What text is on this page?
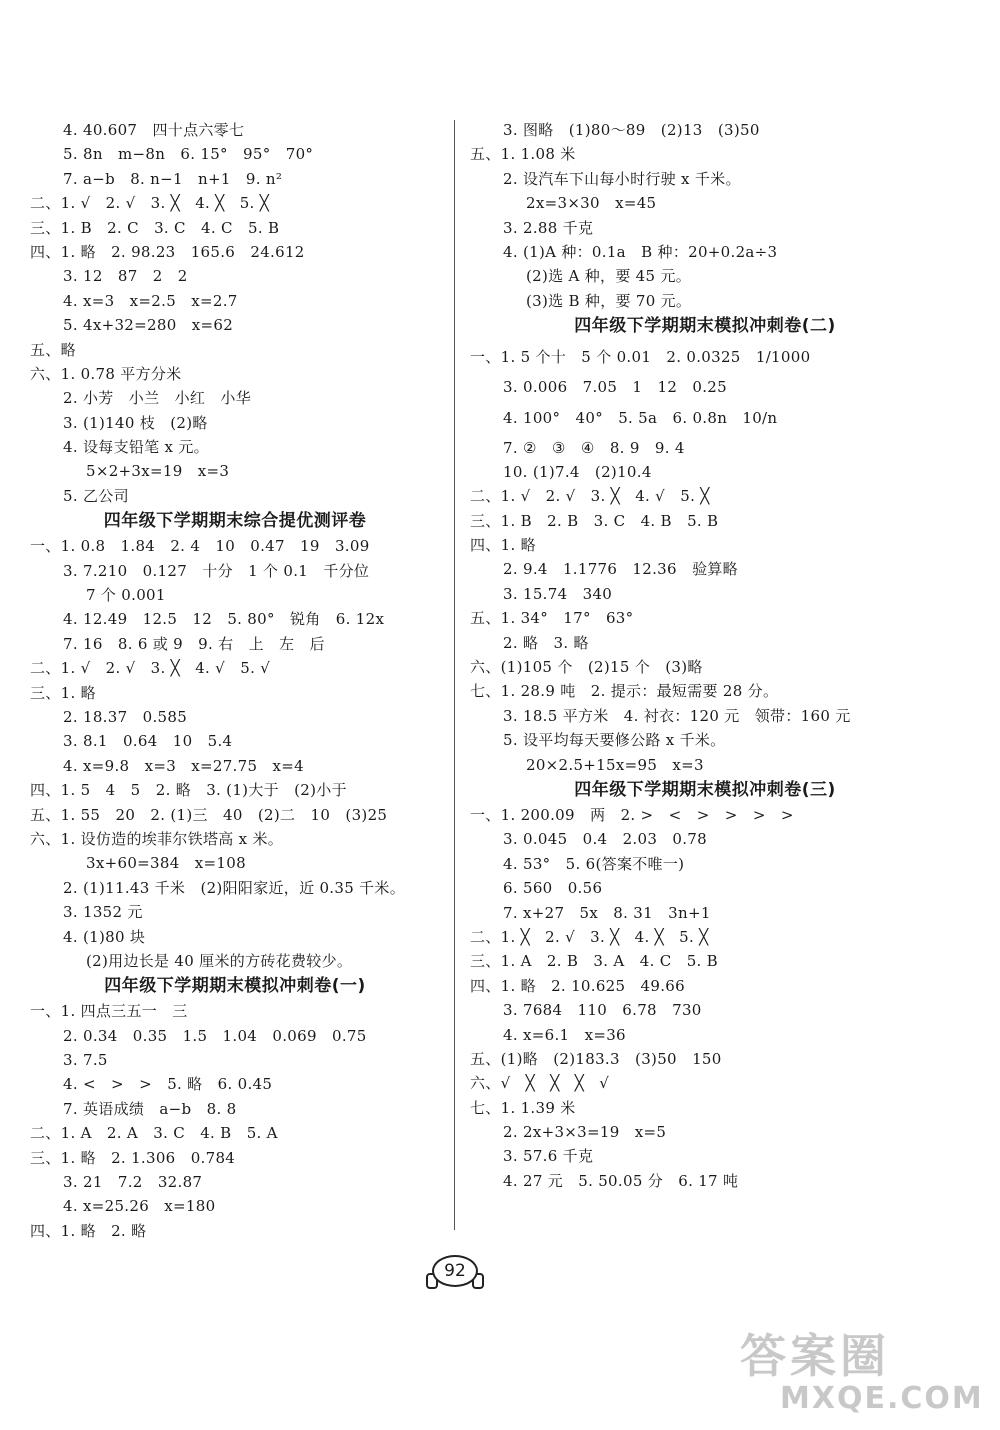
4. 40.607   四十点六零七
5. 8n   m−8n   6. 15°   95°   70°
7. a−b   8. n−1   n+1   9. n²
二、1. √   2. √   3. ╳   4. ╳   5. ╳
三、1. B   2. C   3. C   4. C   5. B
四、1. 略   2. 98.23   165.6   24.612
3. 12   87   2   2
4. x=3   x=2.5   x=2.7
5. 4x+32=280   x=62
五、略
六、1. 0.78 平方分米
2. 小芳   小兰   小红   小华
3. (1)140 枝   (2)略
4. 设每支铅笔 x 元。
5×2+3x=19   x=3
5. 乙公司
四年级下学期期末综合提优测评卷
一、1. 0.8   1.84   2. 4   10   0.47   19   3.09
3. 7.210   0.127   十分   1 个 0.1   千分位
7 个 0.001
4. 12.49   12.5   12   5. 80°   锐角   6. 12x
7. 16   8. 6 或 9   9. 右   上   左   后
二、1. √   2. √   3. ╳   4. √   5. √
三、1. 略
2. 18.37   0.585
3. 8.1   0.64   10   5.4
4. x=9.8   x=3   x=27.75   x=4
四、1. 5   4   5   2. 略   3. (1)大于   (2)小于
五、1. 55   20   2. (1)三   40   (2)二   10   (3)25
六、1. 设仿造的埃菲尔铁塔高 x 米。
3x+60=384   x=108
2. (1)11.43 千米   (2)阳阳家近，近 0.35 千米。
3. 1352 元
4. (1)80 块
(2)用边长是 40 厘米的方砖花费较少。
四年级下学期期末模拟冲刺卷(一)
一、1. 四点三五一   三
2. 0.34   0.35   1.5   1.04   0.069   0.75
3. 7.5
4. <   >   >   5. 略   6. 0.45
7. 英语成绩   a−b   8. 8
二、1. A   2. A   3. C   4. B   5. A
三、1. 略   2. 1.306   0.784
3. 21   7.2   32.87
4. x=25.26   x=180
四、1. 略   2. 略
3. 图略   (1)80～89   (2)13   (3)50
五、1. 1.08 米
2. 设汽车下山每小时行驶 x 千米。
2x=3×30   x=45
3. 2.88 千克
4. (1)A 种：0.1a   B 种：20+0.2a÷3
(2)选 A 种，要 45 元。
(3)选 B 种，要 70 元。
四年级下学期期末模拟冲刺卷(二)
一、1. 5 个十   5 个 0.01   2. 0.0325   1/1000
3. 0.006   7.05   1   12   0.25
4. 100°   40°   5. 5a   6. 0.8n   10/n
7. ②   ③   ④   8. 9   9. 4
10. (1)7.4   (2)10.4
二、1. √   2. √   3. ╳   4. √   5. ╳
三、1. B   2. B   3. C   4. B   5. B
四、1. 略
2. 9.4   1.1776   12.36   验算略
3. 15.74   340
五、1. 34°   17°   63°
2. 略   3. 略
六、(1)105 个   (2)15 个   (3)略
七、1. 28.9 吨   2. 提示：最短需要 28 分。
3. 18.5 平方米   4. 衬衣：120 元   领带：160 元
5. 设平均每天要修公路 x 千米。
20×2.5+15x=95   x=3
四年级下学期期末模拟冲刺卷(三)
一、1. 200.09   两   2. >   <   >   >   >   >
3. 0.045   0.4   2.03   0.78
4. 53°   5. 6(答案不唯一)
6. 560   0.56
7. x+27   5x   8. 31   3n+1
二、1. ╳   2. √   3. ╳   4. ╳   5. ╳
三、1. A   2. B   3. A   4. C   5. B
四、1. 略   2. 10.625   49.66
3. 7684   110   6.78   730
4. x=6.1   x=36
五、(1)略   (2)183.3   (3)50   150
六、√   ╳   ╳   ╳   √
七、1. 1.39 米
2. 2x+3×3=19   x=5
3. 57.6 千克
4. 27 元   5. 50.05 分   6. 17 吨
92
答案圈
MXQE.COM
